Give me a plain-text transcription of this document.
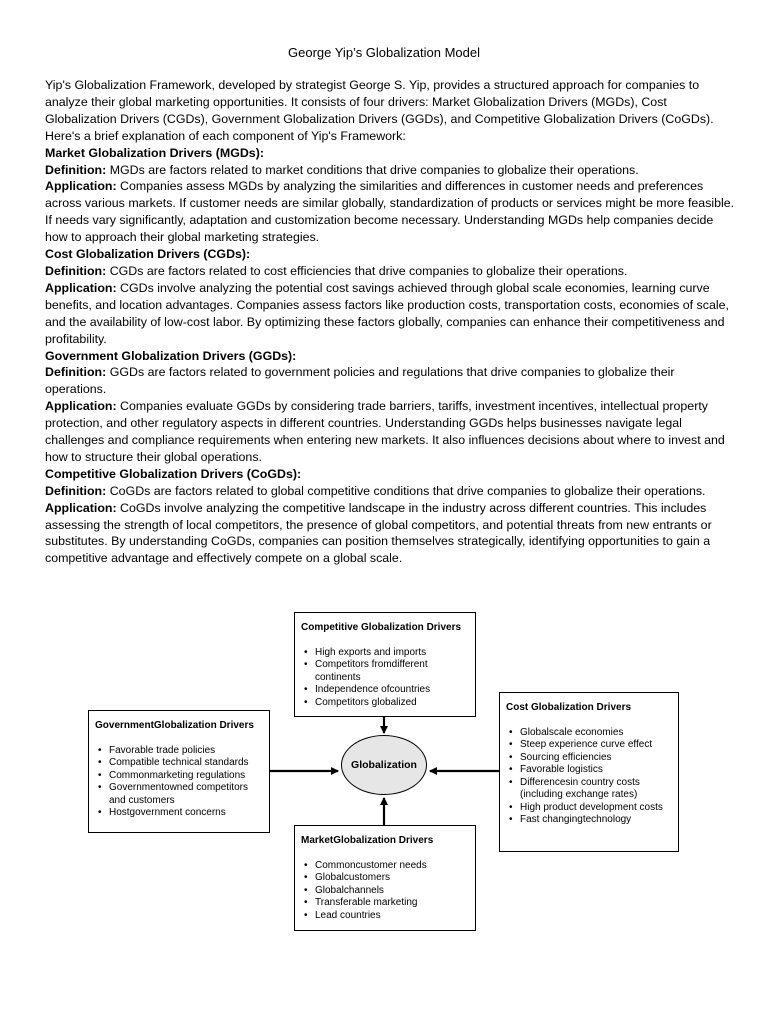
George Yip’s Globalization Model

Yip's Globalization Framework, developed by strategist George S. Yip, provides a structured approach for companies to analyze their global marketing opportunities. It consists of four drivers: Market Globalization Drivers (MGDs), Cost Globalization Drivers (CGDs), Government Globalization Drivers (GGDs), and Competitive Globalization Drivers (CoGDs). Here's a brief explanation of each component of Yip's Framework:

Market Globalization Drivers (MGDs):

Definition: MGDs are factors related to market conditions that drive companies to globalize their operations.

Application: Companies assess MGDs by analyzing the similarities and differences in customer needs and preferences across various markets. If customer needs are similar globally, standardization of products or services might be more feasible. If needs vary significantly, adaptation and customization become necessary. Understanding MGDs help companies decide how to approach their global marketing strategies.

Cost Globalization Drivers (CGDs):

Definition: CGDs are factors related to cost efficiencies that drive companies to globalize their operations.

Application: CGDs involve analyzing the potential cost savings achieved through global scale economies, learning curve benefits, and location advantages. Companies assess factors like production costs, transportation costs, economies of scale, and the availability of low-cost labor. By optimizing these factors globally, companies can enhance their competitiveness and profitability.

Government Globalization Drivers (GGDs):

Definition: GGDs are factors related to government policies and regulations that drive companies to globalize their operations.

Application: Companies evaluate GGDs by considering trade barriers, tariffs, investment incentives, intellectual property protection, and other regulatory aspects in different countries. Understanding GGDs helps businesses navigate legal challenges and compliance requirements when entering new markets. It also influences decisions about where to invest and how to structure their global operations.

Competitive Globalization Drivers (CoGDs):

Definition: CoGDs are factors related to global competitive conditions that drive companies to globalize their operations.

Application: CoGDs involve analyzing the competitive landscape in the industry across different countries. This includes assessing the strength of local competitors, the presence of global competitors, and potential threats from new entrants or substitutes. By understanding CoGDs, companies can position themselves strategically, identifying opportunities to gain a competitive advantage and effectively compete on a global scale.

Competitive Globalization Drivers
• High exports and imports
• Competitors fromdifferent continents
• Independence ofcountries
• Competitors globalized
GovernmentGlobalization Drivers
• Favorable trade policies
• Compatible technical standards
• Commonmarketing regulations
• Governmentowned competitors and customers
• Hostgovernment concerns
Cost Globalization Drivers
• Globalscale economies
• Steep experience curve effect
• Sourcing efficiencies
• Favorable logistics
• Differencesin country costs (including exchange rates)
• High product development costs
• Fast changingtechnology
MarketGlobalization Drivers
• Commoncustomer needs
• Globalcustomers
• Globalchannels
• Transferable marketing
• Lead countries
Globalization
